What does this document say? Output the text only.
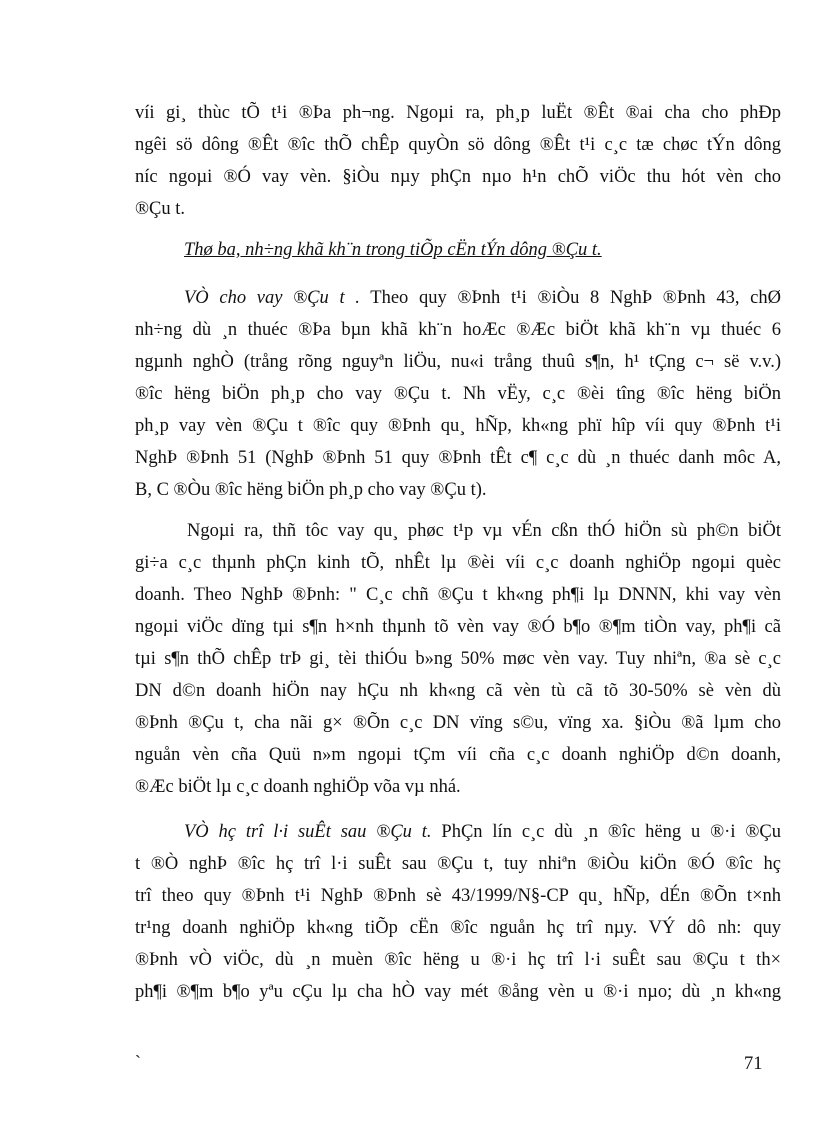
víi gi¸ thùc tÕ t¹i ®Þa ph¬ng. Ngoµi ra, ph¸p luËt ®Êt ®ai cha cho phÐp
ngêi sö dông ®Êt ®îc thÕ chÊp quyÒn sö dông ®Êt t¹i c¸c tæ chøc tÝn dông
níc ngoµi ®Ó vay vèn. §iÒu nµy phÇn nµo h¹n chÕ viÖc thu hót vèn cho
®Çu t.
Thø ba, nh÷ng khã kh¨n trong tiÕp cËn tÝn dông ®Çu t.
VÒ cho vay ®Çu t . Theo quy ®Þnh t¹i ®iÒu 8 NghÞ ®Þnh 43, chØ
nh÷ng dù ¸n thuéc ®Þa bµn khã kh¨n hoÆc ®Æc biÖt khã kh¨n vµ thuéc 6
ngµnh nghÒ (trång rõng nguyªn liÖu, nu«i trång thuû s¶n, h¹ tÇng c¬ së v.v.)
®îc hëng biÖn ph¸p cho vay ®Çu t. Nh vËy, c¸c ®èi tîng ®îc hëng biÖn
ph¸p vay vèn ®Çu t ®îc quy ®Þnh qu¸ hÑp, kh«ng phï hîp víi quy ®Þnh t¹i
NghÞ ®Þnh 51 (NghÞ ®Þnh 51 quy ®Þnh tÊt c¶ c¸c dù ¸n thuéc danh môc A,
B, C ®Òu ®îc hëng biÖn ph¸p cho vay ®Çu t).
Ngoµi ra, thñ tôc vay qu¸ phøc t¹p vµ vÉn cßn thÓ hiÖn sù ph©n biÖt
gi÷a c¸c thµnh phÇn kinh tÕ, nhÊt lµ ®èi víi c¸c doanh nghiÖp ngoµi quèc
doanh. Theo NghÞ ®Þnh: " C¸c chñ ®Çu t kh«ng ph¶i lµ DNNN, khi vay vèn
ngoµi viÖc dïng tµi s¶n h×nh thµnh tõ vèn vay ®Ó b¶o ®¶m tiÒn vay, ph¶i cã
tµi s¶n thÕ chÊp trÞ gi¸ tèi thiÓu b»ng 50% møc vèn vay. Tuy nhiªn, ®a sè c¸c
DN d©n doanh hiÖn nay hÇu nh kh«ng cã vèn tù cã tõ 30-50% sè vèn dù
®Þnh ®Çu t, cha nãi g× ®Õn c¸c DN vïng s©u, vïng xa. §iÒu ®ã lµm cho
nguån vèn cña Quü n»m ngoµi tÇm víi cña c¸c doanh nghiÖp d©n doanh,
®Æc biÖt lµ c¸c doanh nghiÖp võa vµ nhá.
VÒ hç trî l·i suÊt sau ®Çu t. PhÇn lín c¸c dù ¸n ®îc hëng u ®·i ®Çu
t ®Ò nghÞ ®îc hç trî l·i suÊt sau ®Çu t, tuy nhiªn ®iÒu kiÖn ®Ó ®îc hç
trî theo quy ®Þnh t¹i NghÞ ®Þnh sè 43/1999/N§-CP qu¸ hÑp, dÉn ®Õn t×nh
tr¹ng doanh nghiÖp kh«ng tiÕp cËn ®îc nguån hç trî nµy. VÝ dô nh: quy
®Þnh vÒ viÖc, dù ¸n muèn ®îc hëng u ®·i hç trî l·i suÊt sau ®Çu t th×
ph¶i ®¶m b¶o yªu cÇu lµ cha hÒ vay mét ®ång vèn u ®·i nµo; dù ¸n kh«ng
`	71
